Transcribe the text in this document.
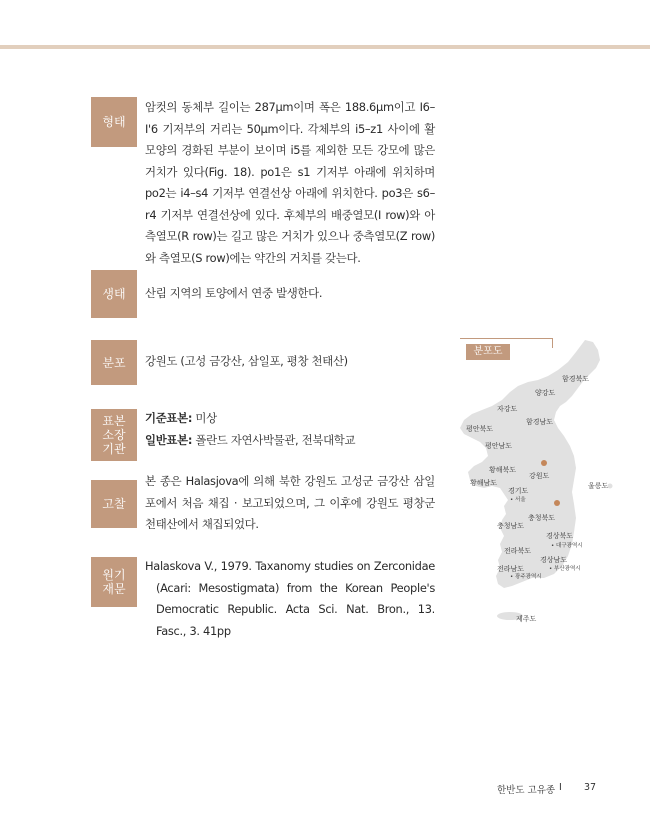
형태

암컷의 동체부 길이는 287μm이며 폭은 188.6μm이고 I6–I'6 기저부의 거리는 50μm이다. 각체부의 i5–z1 사이에 활 모양의 경화된 부분이 보이며 i5를 제외한 모든 강모에 많은 거치가 있다(Fig. 18). po1은 s1 기저부 아래에 위치하며 po2는 i4–s4 기저부 연결선상 아래에 위치한다. po3은 s6–r4 기저부 연결선상에 있다. 후체부의 배중열모(I row)와 아측열모(R row)는 길고 많은 거치가 있으나 중측열모(Z row)와 측열모(S row)에는 약간의 거치를 갖는다.

생태	산림 지역의 토양에서 연중 발생한다.

분포	강원도 (고성 금강산, 삼일포, 평창 천태산)

표본
소장
기관

기준표본: 미상

일반표본: 폴란드 자연사박물관, 전북대학교

고찰

본 종은 Halasjova에 의해 북한 강원도 고성군 금강산 삼일포에서 처음 채집 · 보고되었으며, 그 이후에 강원도 평창군 천태산에서 채집되었다.

원기
재문

Halaskova V., 1979. Taxanomy studies on Zerconidae (Acari: Mesostigmata) from the Korean People's Democratic Republic. Acta Sci. Nat. Bron., 13. Fasc., 3. 41pp

분포도
함경북도
양강도
자강도
함경남도
평안북도
평안남도
황해북도
황해남도
강원도
경기도
• 서울
울릉도
충청북도
충청남도
경상북도
• 대구광역시
전라북도
경상남도
전라남도
• 광주광역시
• 부산광역시
제주도
한반도 고유종 I 37
